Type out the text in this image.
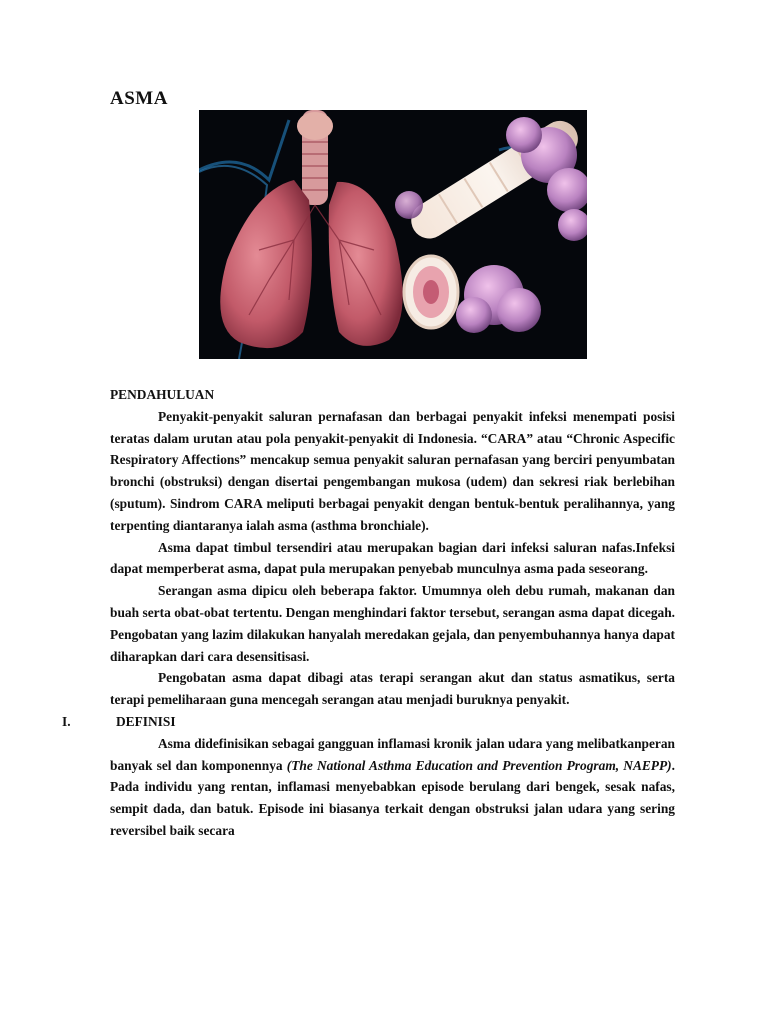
ASMA

PENDAHULUAN

Penyakit-penyakit saluran pernafasan dan berbagai penyakit infeksi menempati posisi teratas dalam urutan atau pola penyakit-penyakit di Indonesia. “CARA” atau “Chronic Aspecific Respiratory Affections” mencakup semua penyakit saluran pernafasan yang berciri penyumbatan bronchi (obstruksi) dengan disertai pengembangan mukosa (udem) dan sekresi riak berlebihan (sputum). Sindrom CARA meliputi berbagai penyakit dengan bentuk-bentuk peralihannya, yang terpenting diantaranya ialah asma (asthma bronchiale).

Asma dapat timbul tersendiri atau merupakan bagian dari infeksi saluran nafas.Infeksi dapat memperberat asma, dapat pula merupakan penyebab munculnya asma pada seseorang.

Serangan asma dipicu oleh beberapa faktor. Umumnya oleh debu rumah, makanan dan buah serta obat-obat tertentu. Dengan menghindari faktor tersebut, serangan asma dapat dicegah. Pengobatan yang lazim dilakukan hanyalah meredakan gejala, dan penyembuhannya hanya dapat diharapkan dari cara desensitisasi.

Pengobatan asma dapat dibagi atas terapi serangan akut dan status asmatikus, serta terapi pemeliharaan guna mencegah serangan atau menjadi buruknya penyakit.

I.	DEFINISI

Asma didefinisikan sebagai gangguan inflamasi kronik jalan udara yang melibatkanperan banyak sel dan komponennya (The National Asthma Education and Prevention Program, NAEPP). Pada individu yang rentan, inflamasi menyebabkan episode berulang dari bengek, sesak nafas, sempit dada, dan batuk. Episode ini biasanya terkait dengan obstruksi jalan udara yang sering reversibel baik secara
